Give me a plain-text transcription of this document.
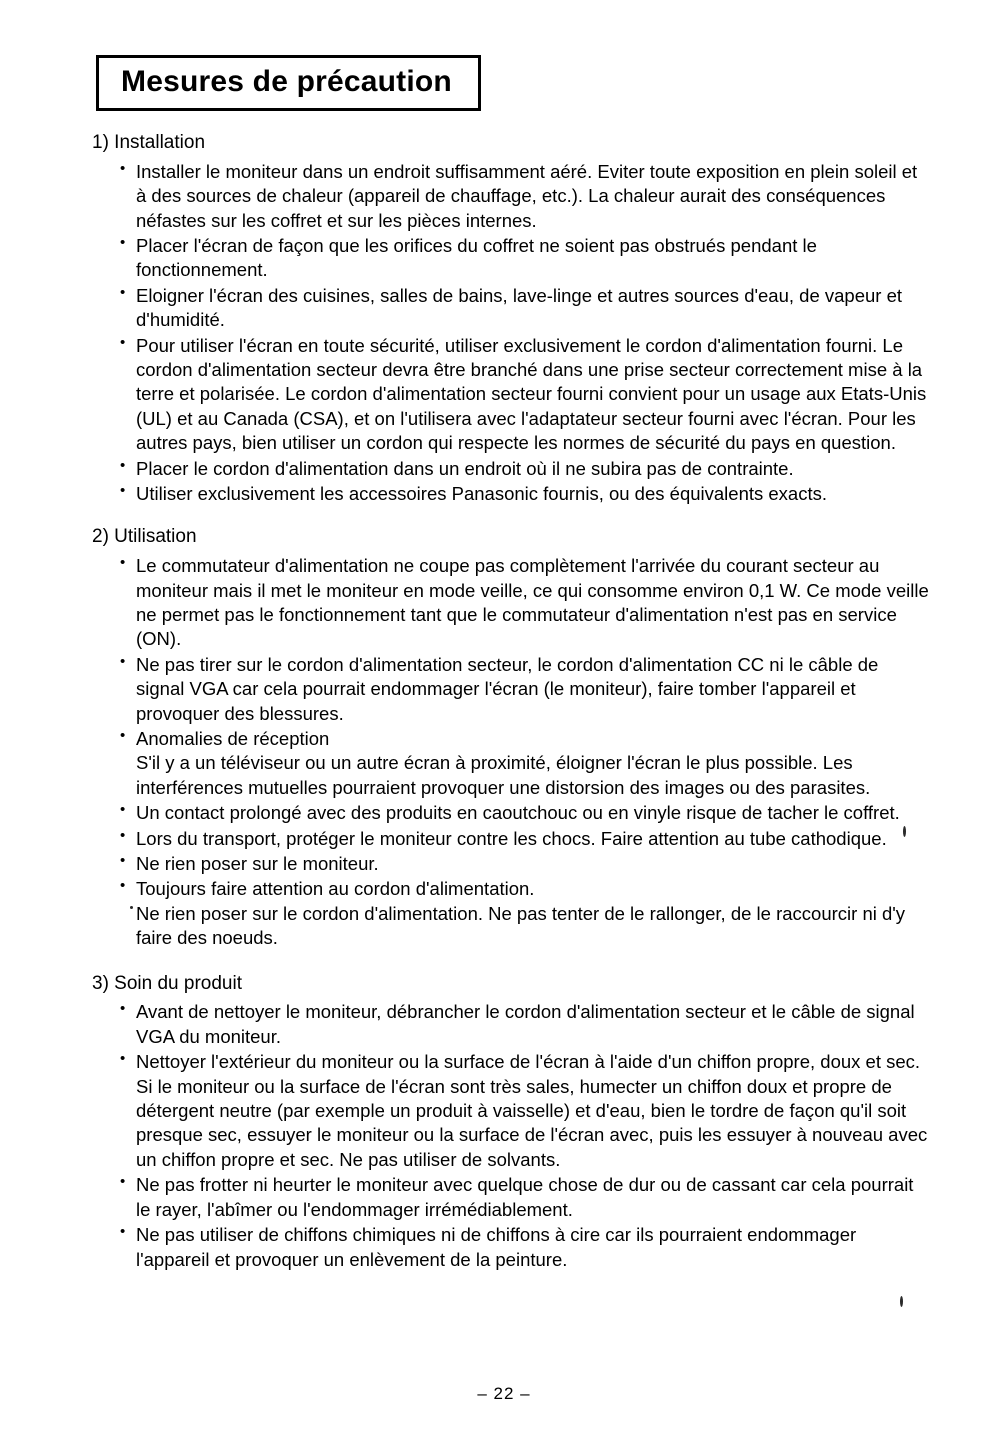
Mesures de précaution
1) Installation
• Installer le moniteur dans un endroit suffisamment aéré. Eviter toute exposition en plein soleil et à des sources de chaleur (appareil de chauffage, etc.). La chaleur aurait des conséquences néfastes sur les coffret et sur les pièces internes.
• Placer l'écran de façon que les orifices du coffret ne soient pas obstrués pendant le fonctionnement.
• Eloigner l'écran des cuisines, salles de bains, lave-linge et autres sources d'eau, de vapeur et d'humidité.
• Pour utiliser l'écran en toute sécurité, utiliser exclusivement le cordon d'alimentation fourni. Le cordon d'alimentation secteur devra être branché dans une prise secteur correctement mise à la terre et polarisée. Le cordon d'alimentation secteur fourni convient pour un usage aux Etats-Unis (UL) et au Canada (CSA), et on l'utilisera avec l'adaptateur secteur fourni avec l'écran. Pour les autres pays, bien utiliser un cordon qui respecte les normes de sécurité du pays en question.
• Placer le cordon d'alimentation dans un endroit où il ne subira pas de contrainte.
• Utiliser exclusivement les accessoires Panasonic fournis, ou des équivalents exacts.
2) Utilisation
• Le commutateur d'alimentation ne coupe pas complètement l'arrivée du courant secteur au moniteur mais il met le moniteur en mode veille, ce qui consomme environ 0,1 W. Ce mode veille ne permet pas le fonctionnement tant que le commutateur d'alimentation n'est pas en service (ON).
• Ne pas tirer sur le cordon d'alimentation secteur, le cordon d'alimentation CC ni le câble de signal VGA car cela pourrait endommager l'écran (le moniteur), faire tomber l'appareil et provoquer des blessures.
• Anomalies de réception
S'il y a un téléviseur ou un autre écran à proximité, éloigner l'écran le plus possible. Les interférences mutuelles pourraient provoquer une distorsion des images ou des parasites.
• Un contact prolongé avec des produits en caoutchouc ou en vinyle risque de tacher le coffret.
• Lors du transport, protéger le moniteur contre les chocs. Faire attention au tube cathodique.
• Ne rien poser sur le moniteur.
• Toujours faire attention au cordon d'alimentation.
Ne rien poser sur le cordon d'alimentation. Ne pas tenter de le rallonger, de le raccourcir ni d'y faire des noeuds.
3) Soin du produit
• Avant de nettoyer le moniteur, débrancher le cordon d'alimentation secteur et le câble de signal VGA du moniteur.
• Nettoyer l'extérieur du moniteur ou la surface de l'écran à l'aide d'un chiffon propre, doux et sec. Si le moniteur ou la surface de l'écran sont très sales, humecter un chiffon doux et propre de détergent neutre (par exemple un produit à vaisselle) et d'eau, bien le tordre de façon qu'il soit presque sec, essuyer le moniteur ou la surface de l'écran avec, puis les essuyer à nouveau avec un chiffon propre et sec. Ne pas utiliser de solvants.
• Ne pas frotter ni heurter le moniteur avec quelque chose de dur ou de cassant car cela pourrait le rayer, l'abîmer ou l'endommager irrémédiablement.
• Ne pas utiliser de chiffons chimiques ni de chiffons à cire car ils pourraient endommager l'appareil et provoquer un enlèvement de la peinture.
– 22 –
